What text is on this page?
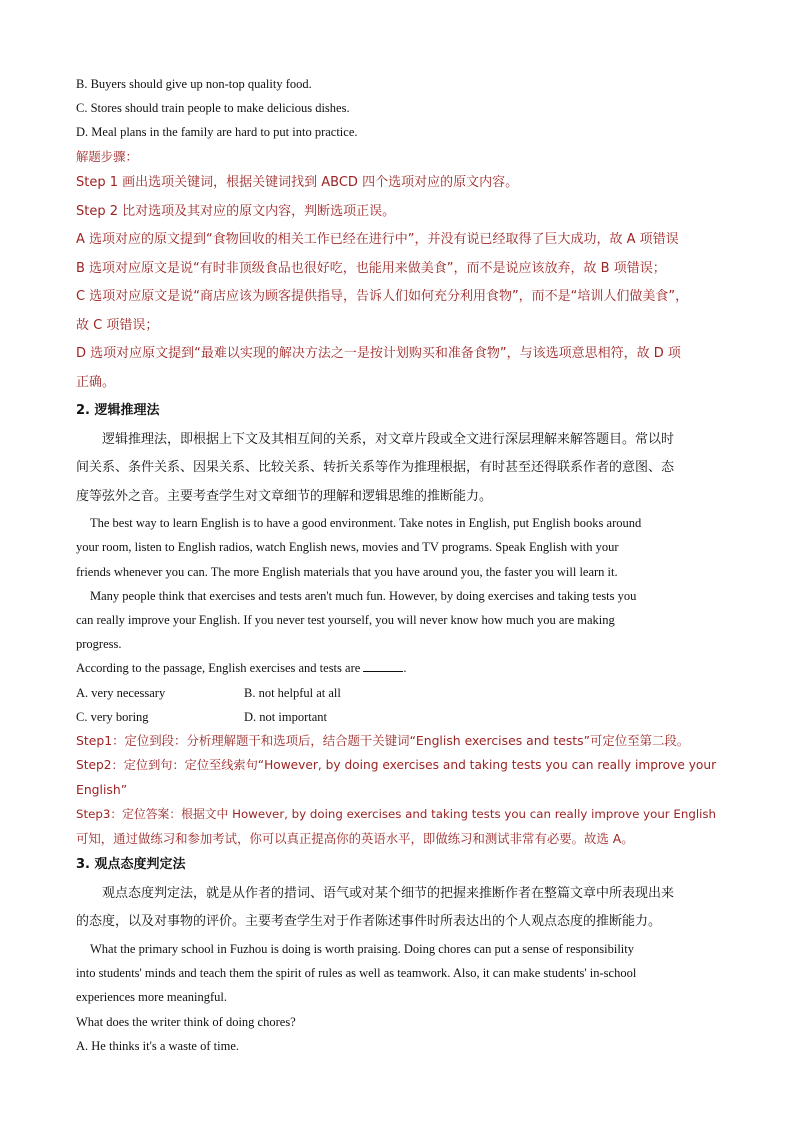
B. Buyers should give up non-top quality food.
C. Stores should train people to make delicious dishes.
D. Meal plans in the family are hard to put into practice.
解题步骤：
Step 1 画出选项关键词，根据关键词找到 ABCD 四个选项对应的原文内容。
Step 2 比对选项及其对应的原文内容，判断选项正误。
A 选项对应的原文提到“食物回收的相关工作已经在进行中”，并没有说已经取得了巨大成功，故 A 项错误
B 选项对应原文是说“有时非顶级食品也很好吃，也能用来做美食”，而不是说应该放弃，故 B 项错误；
C 选项对应原文是说“商店应该为顾客提供指导，告诉人们如何充分利用食物”，而不是“培训人们做美食”，
故 C 项错误；
D 选项对应原文提到“最难以实现的解决方法之一是按计划购买和准备食物”，与该选项意思相符，故 D 项
正确。
2. 逻辑推理法
逻辑推理法，即根据上下文及其相互间的关系，对文章片段或全文进行深层理解来解答题目。常以时
间关系、条件关系、因果关系、比较关系、转折关系等作为推理根据，有时甚至还得联系作者的意图、态
度等弦外之音。主要考查学生对文章细节的理解和逻辑思维的推断能力。
The best way to learn English is to have a good environment. Take notes in English, put English books around
your room, listen to English radios, watch English news, movies and TV programs. Speak English with your
friends whenever you can. The more English materials that you have around you, the faster you will learn it.
Many people think that exercises and tests aren't much fun. However, by doing exercises and taking tests you
can really improve your English. If you never test yourself, you will never know how much you are making
progress.
According to the passage, English exercises and tests are	.
A. very necessary	B. not helpful at all
C. very boring	D. not important
Step1：定位到段：分析理解题干和选项后，结合题干关键词“English exercises and tests”可定位至第二段。
Step2：定位到句：定位至线索句“However, by doing exercises and taking tests you can really improve your
English”
Step3：定位答案：根据文中 However, by doing exercises and taking tests you can really improve your English
可知，通过做练习和参加考试，你可以真正提高你的英语水平，即做练习和测试非常有必要。故选 A。
3. 观点态度判定法
观点态度判定法，就是从作者的措词、语气或对某个细节的把握来推断作者在整篇文章中所表现出来
的态度，以及对事物的评价。主要考查学生对于作者陈述事件时所表达出的个人观点态度的推断能力。
What the primary school in Fuzhou is doing is worth praising. Doing chores can put a sense of responsibility
into students' minds and teach them the spirit of rules as well as teamwork. Also, it can make students' in-school
experiences more meaningful.
What does the writer think of doing chores?
A. He thinks it's a waste of time.
